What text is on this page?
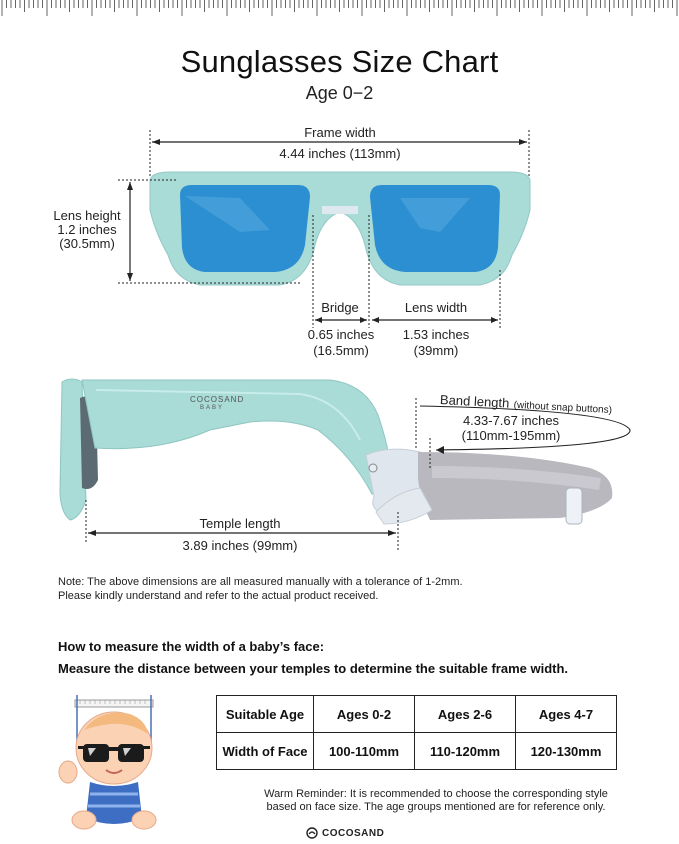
Sunglasses Size Chart
Age 0−2
Frame width
4.44 inches (113mm)
Lens height
1.2 inches
(30.5mm)
Bridge
0.65 inches
(16.5mm)
Lens width
1.53 inches
(39mm)
COCOSAND
BABY	Band length (without snap buttons)
4.33-7.67 inches
(110mm-195mm)
Temple length
3.89 inches (99mm)
Note: The above dimensions are all measured manually with a tolerance of 1-2mm.
Please kindly understand and refer to the actual product received.
How to measure the width of a baby’s face:
Measure the distance between your temples to determine the suitable frame width.
Suitable Age	Ages 0-2	Ages 2-6	Ages 4-7
Width of Face	100-110mm	110-120mm	120-130mm
Warm Reminder: It is recommended to choose the corresponding style
based on face size. The age groups mentioned are for reference only.
COCOSAND
